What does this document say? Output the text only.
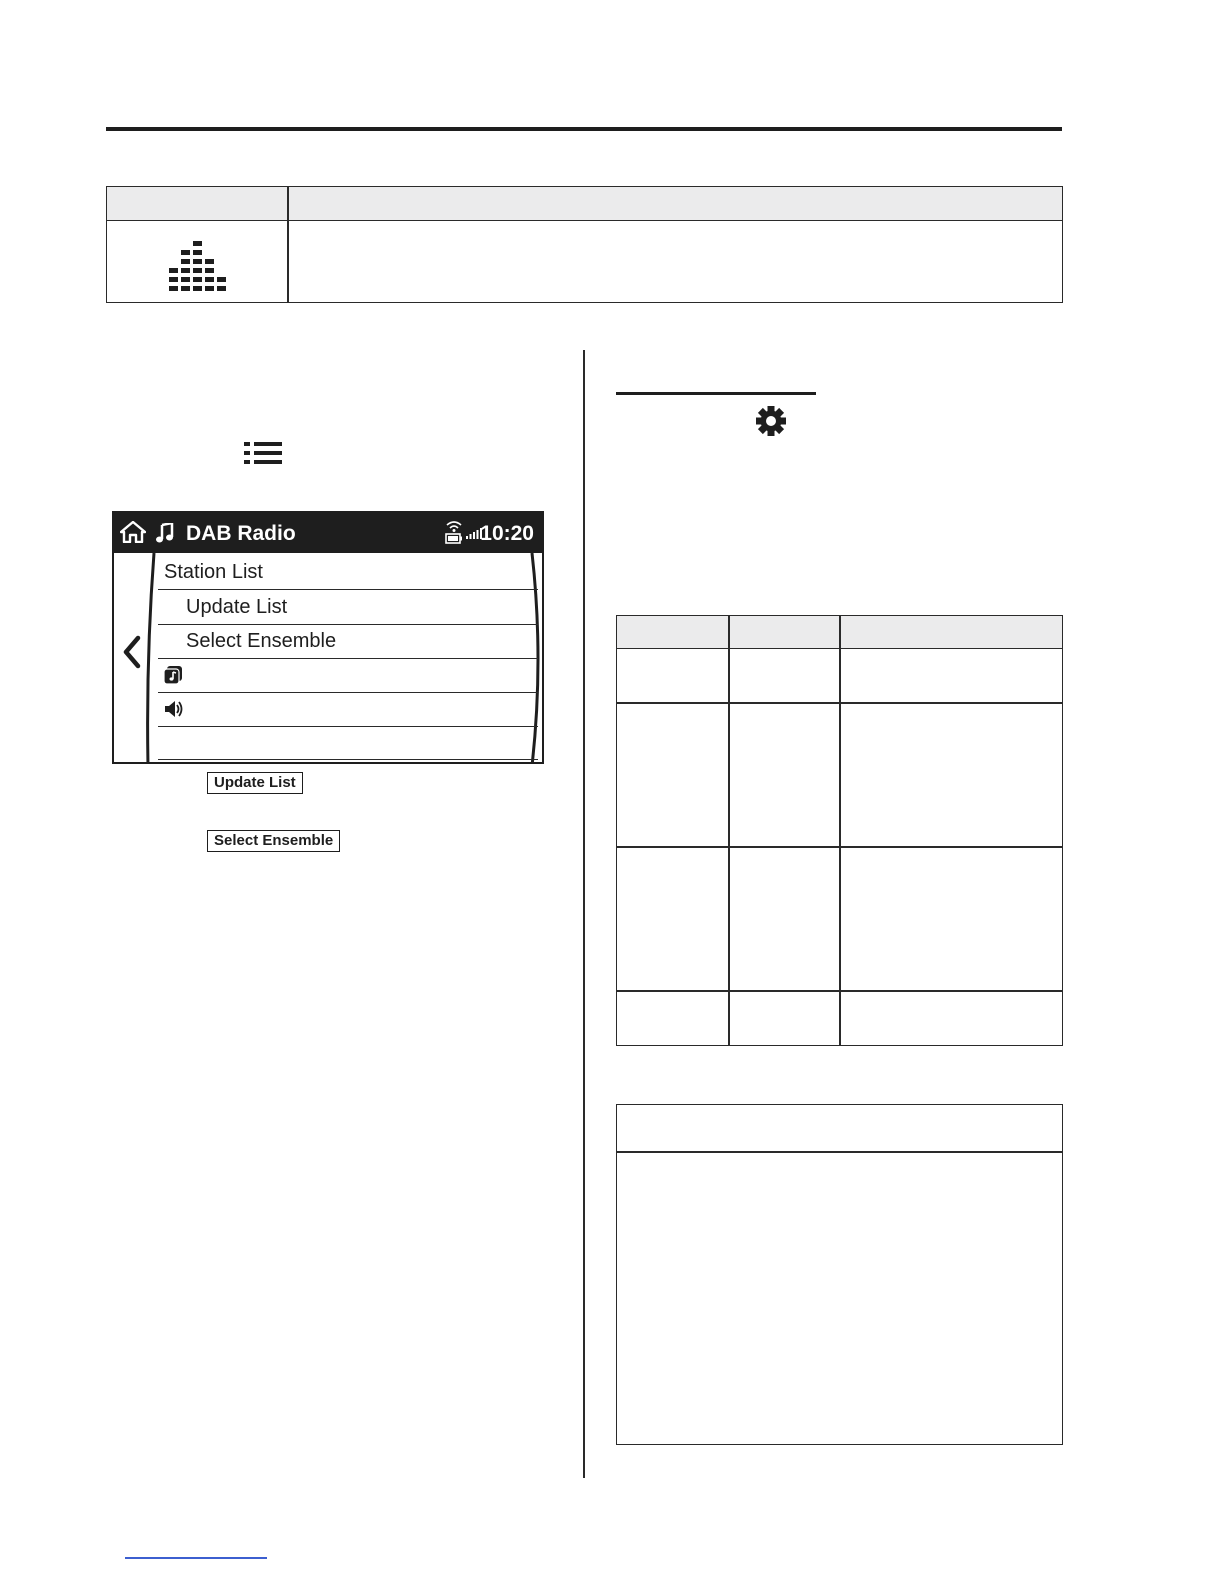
DAB Radio	10:20
Station List
Update List
Select Ensemble
Update List
Select Ensemble
